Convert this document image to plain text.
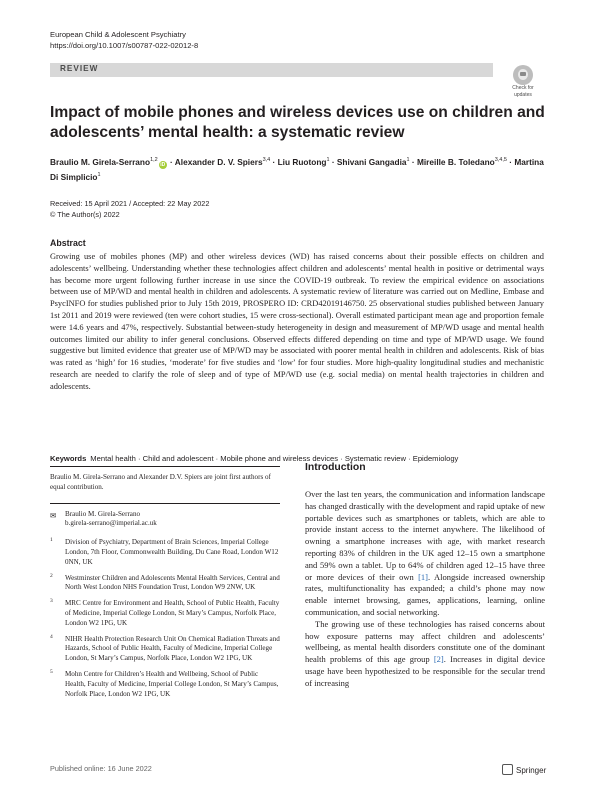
European Child & Adolescent Psychiatry
https://doi.org/10.1007/s00787-022-02012-8
REVIEW
Check for
updates
Impact of mobile phones and wireless devices use on children and adolescents’ mental health: a systematic review
Braulio M. Girela-Serrano$^{1,2}$iD · Alexander D. V. Spiers$^{3,4}$ · Liu Ruotong$^1$ · Shivani Gangadia$^1$ · Mireille B. Toledano$^{3,4,5}$ · Martina Di Simplicio$^1$
Received: 15 April 2021 / Accepted: 22 May 2022
© The Author(s) 2022
Abstract

Growing use of mobiles phones (MP) and other wireless devices (WD) has raised concerns about their possible effects on children and adolescents’ wellbeing. Understanding whether these technologies affect children and adolescents’ mental health in positive or detrimental ways has become more urgent following further increase in use since the COVID-19 outbreak. To review the empirical evidence on associations between use of MP/WD and mental health in children and adolescents. A systematic review of literature was carried out on Medline, Embase and PsycINFO for studies published prior to July 15th 2019, PROSPERO ID: CRD42019146750. 25 observational studies published between January 1st 2011 and 2019 were reviewed (ten were cohort studies, 15 were cross-sectional). Overall estimated participant mean age and proportion female were 14.6 years and 47%, respectively. Substantial between-study heterogeneity in design and measurement of MP/WD usage and mental health outcomes limited our ability to infer general conclusions. Observed effects differed depending on time and type of MP/WD usage. We found suggestive but limited evidence that greater use of MP/WD may be associated with poorer mental health in children and adolescents. Risk of bias was rated as ‘high’ for 16 studies, ‘moderate’ for five studies and ‘low’ for four studies. More high-quality longitudinal studies and mechanistic research are needed to clarify the role of sleep and of type of MP/WD use (e.g. social media) on mental health trajectories in children and adolescents.

Keywords Mental health · Child and adolescent · Mobile phone and wireless devices · Systematic review · Epidemiology

Braulio M. Girela-Serrano and Alexander D.V. Spiers are joint first authors of equal contribution.

✉ Braulio M. Girela-Serrano
b.girela-serrano@imperial.ac.uk
1 Division of Psychiatry, Department of Brain Sciences, Imperial College London, 7th Floor, Commonwealth Building, Du Cane Road, London W12 0NN, UK
2 Westminster Children and Adolescents Mental Health Services, Central and North West London NHS Foundation Trust, London W9 2NW, UK
3 MRC Centre for Environment and Health, School of Public Health, Faculty of Medicine, Imperial College London, St Mary’s Campus, Norfolk Place, London W2 1PG, UK
4 NIHR Health Protection Research Unit On Chemical Radiation Threats and Hazards, School of Public Health, Faculty of Medicine, Imperial College London, St Mary’s Campus, Norfolk Place, London W2 1PG, UK
5 Mohn Centre for Children’s Health and Wellbeing, School of Public Health, Faculty of Medicine, Imperial College London, St Mary’s Campus, Norfolk Place, London W2 1PG, UK
Introduction

Over the last ten years, the communication and information landscape has changed drastically with the development and rapid uptake of new portable devices such as smartphones or tablets, which are able to provide instant access to the internet anywhere. The likelihood of owning a smartphone increases with age, with market research reporting 83% of children in the UK aged 12–15 own a smartphone and 59% own a tablet. Up to 64% of children aged 12–15 have three or more devices of their own [1]. Alongside increased ownership rates, multifunctionality has expanded; a child’s phone may now enable internet browsing, games, applications, learning, online communication, and social networking.

The growing use of these technologies has raised concerns about how exposure patterns may affect children and adolescents’ wellbeing, as mental health disorders constitute one of the dominant health problems of this age group [2]. Increases in digital device usage have been hypothesized to be responsible for the secular trend of increasing

Published online: 16 June 2022	Springer
